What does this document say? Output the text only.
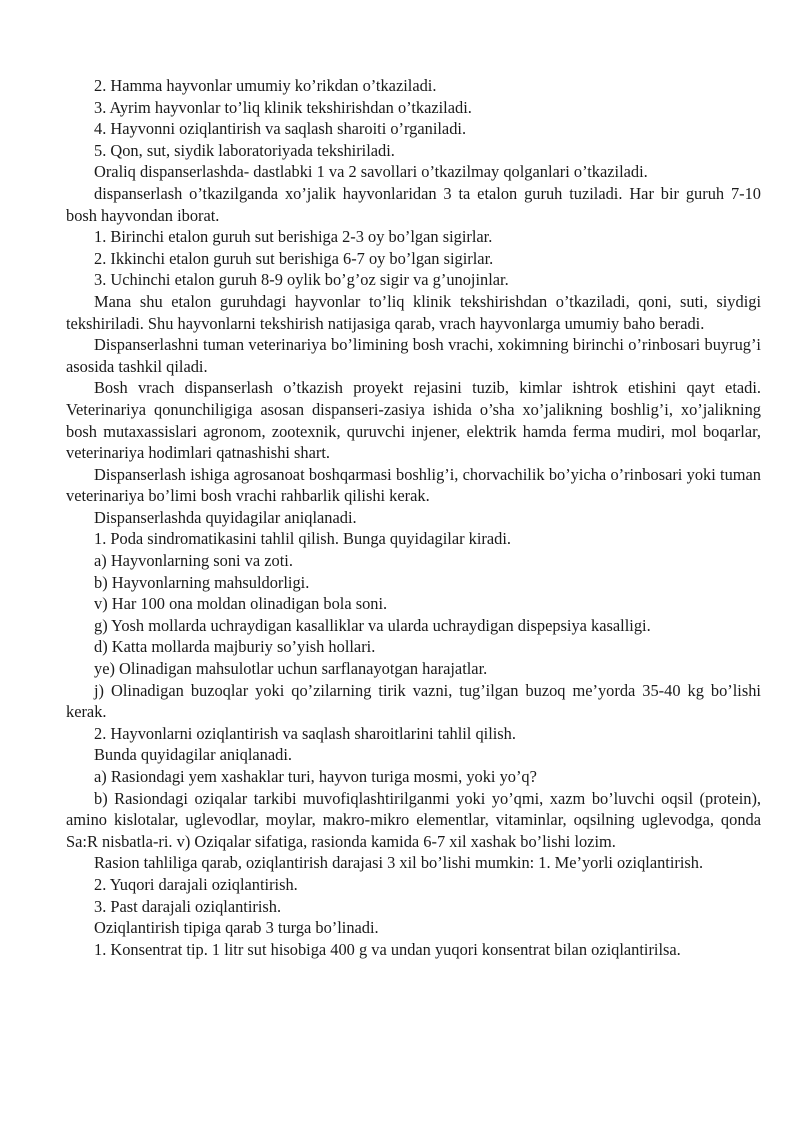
2. Hamma hayvonlar umumiy ko’rikdan o’tkaziladi.

3. Ayrim hayvonlar to’liq klinik tekshirishdan o’tkaziladi.

4. Hayvonni oziqlantirish va saqlash sharoiti o’rganiladi.

5. Qon, sut, siydik laboratoriyada tekshiriladi.

Oraliq dispanserlashda- dastlabki 1 va 2 savollari o’tkazilmay qolganlari o’tkaziladi.

dispanserlash o’tkazilganda xo’jalik hayvonlaridan 3 ta etalon guruh tuziladi. Har bir guruh 7-10 bosh hayvondan iborat.

1. Birinchi etalon guruh sut berishiga 2-3 oy bo’lgan sigirlar.

2. Ikkinchi etalon guruh sut berishiga 6-7 oy bo’lgan sigirlar.

3. Uchinchi etalon guruh 8-9 oylik bo’g’oz sigir va g’unojinlar.

Mana shu etalon guruhdagi hayvonlar to’liq klinik tekshirishdan o’tkaziladi, qoni, suti, siydigi tekshiriladi. Shu hayvonlarni tekshirish natijasiga qarab, vrach hayvonlarga umumiy baho beradi.

Dispanserlashni tuman veterinariya bo’limining bosh vrachi, xokimning birinchi o’rinbosari buyrug’i asosida tashkil qiladi.

Bosh vrach dispanserlash o’tkazish proyekt rejasini tuzib, kimlar ishtrok etishini qayt etadi. Veterinariya qonunchiligiga asosan dispanseri-zasiya ishida o’sha xo’jalikning boshlig’i, xo’jalikning bosh mutaxassislari agronom, zootexnik, quruvchi injener, elektrik hamda ferma mudiri, mol boqarlar, veterinariya hodimlari qatnashishi shart.

Dispanserlash ishiga agrosanoat boshqarmasi boshlig’i, chorvachilik bo’yicha o’rinbosari yoki tuman veterinariya bo’limi bosh vrachi rahbarlik qilishi kerak.

Dispanserlashda quyidagilar aniqlanadi.

1. Poda sindromatikasini tahlil qilish. Bunga quyidagilar kiradi.

a) Hayvonlarning soni va zoti.

b) Hayvonlarning mahsuldorligi.

v) Har 100 ona moldan olinadigan bola soni.

g) Yosh mollarda uchraydigan kasalliklar va ularda uchraydigan dispepsiya kasalligi.

d) Katta mollarda majburiy so’yish hollari.

ye) Olinadigan mahsulotlar uchun sarflanayotgan harajatlar.

j) Olinadigan buzoqlar yoki qo’zilarning tirik vazni, tug’ilgan buzoq me’yorda 35-40 kg bo’lishi kerak.

2. Hayvonlarni oziqlantirish va saqlash sharoitlarini tahlil qilish.

Bunda quyidagilar aniqlanadi.

a) Rasiondagi yem xashaklar turi, hayvon turiga mosmi, yoki yo’q?

b) Rasiondagi oziqalar tarkibi muvofiqlashtirilganmi yoki yo’qmi, xazm bo’luvchi oqsil (protein), amino kislotalar, uglevodlar, moylar, makro-mikro elementlar, vitaminlar, oqsilning uglevodga, qonda Sa:R nisbatla-ri. v) Oziqalar sifatiga, rasionda kamida 6-7 xil xashak bo’lishi lozim.

Rasion tahliliga qarab, oziqlantirish darajasi 3 xil bo’lishi mumkin: 1. Me’yorli oziqlantirish.

2. Yuqori darajali oziqlantirish.

3. Past darajali oziqlantirish.

Oziqlantirish tipiga qarab 3 turga bo’linadi.

1. Konsentrat tip. 1 litr sut hisobiga 400 g va undan yuqori konsentrat bilan oziqlantirilsa.
